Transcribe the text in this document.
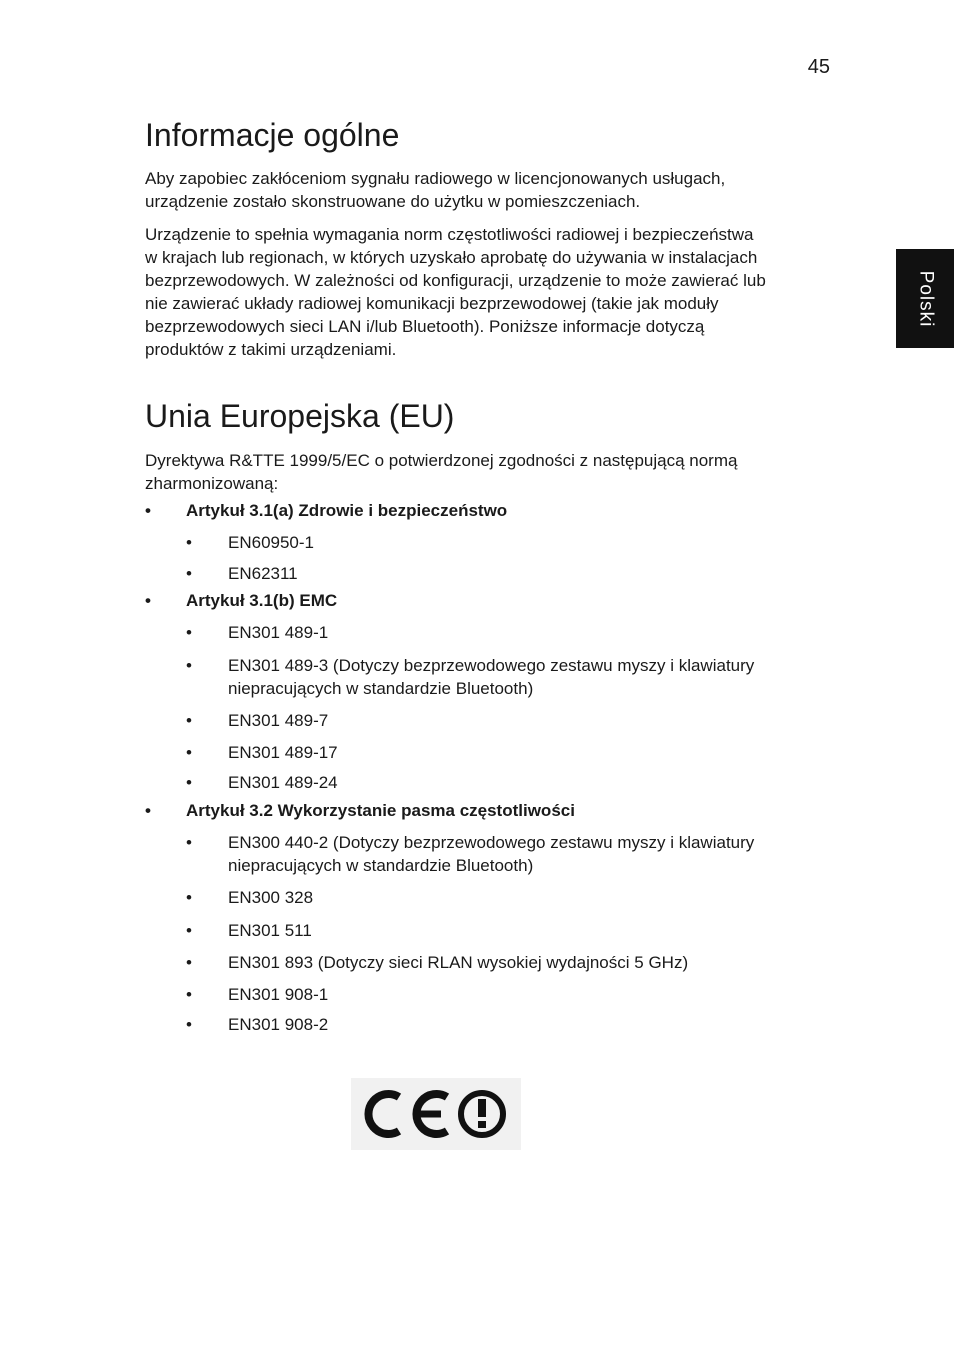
45
Polski
Informacje ogólne

Aby zapobiec zakłóceniom sygnału radiowego w licencjonowanych usługach,
urządzenie zostało skonstruowane do użytku w pomieszczeniach.

Urządzenie to spełnia wymagania norm częstotliwości radiowej i bezpieczeństwa
w krajach lub regionach, w których uzyskało aprobatę do używania w instalacjach
bezprzewodowych. W zależności od konfiguracji, urządzenie to może zawierać lub
nie zawierać układy radiowej komunikacji bezprzewodowej (takie jak moduły
bezprzewodowych sieci LAN i/lub Bluetooth). Poniższe informacje dotyczą
produktów z takimi urządzeniami.

Unia Europejska (EU)

Dyrektywa R&TTE 1999/5/EC o potwierdzonej zgodności z następującą normą
zharmonizowaną:

• Artykuł 3.1(a) Zdrowie i bezpieczeństwo
• EN60950-1
• EN62311
• Artykuł 3.1(b) EMC
• EN301 489-1
• EN301 489-3 (Dotyczy bezprzewodowego zestawu myszy i klawiatury
niepracujących w standardzie Bluetooth)
• EN301 489-7
• EN301 489-17
• EN301 489-24
• Artykuł 3.2 Wykorzystanie pasma częstotliwości
• EN300 440-2 (Dotyczy bezprzewodowego zestawu myszy i klawiatury
niepracujących w standardzie Bluetooth)
• EN300 328
• EN301 511
• EN301 893 (Dotyczy sieci RLAN wysokiej wydajności 5 GHz)
• EN301 908-1
• EN301 908-2
